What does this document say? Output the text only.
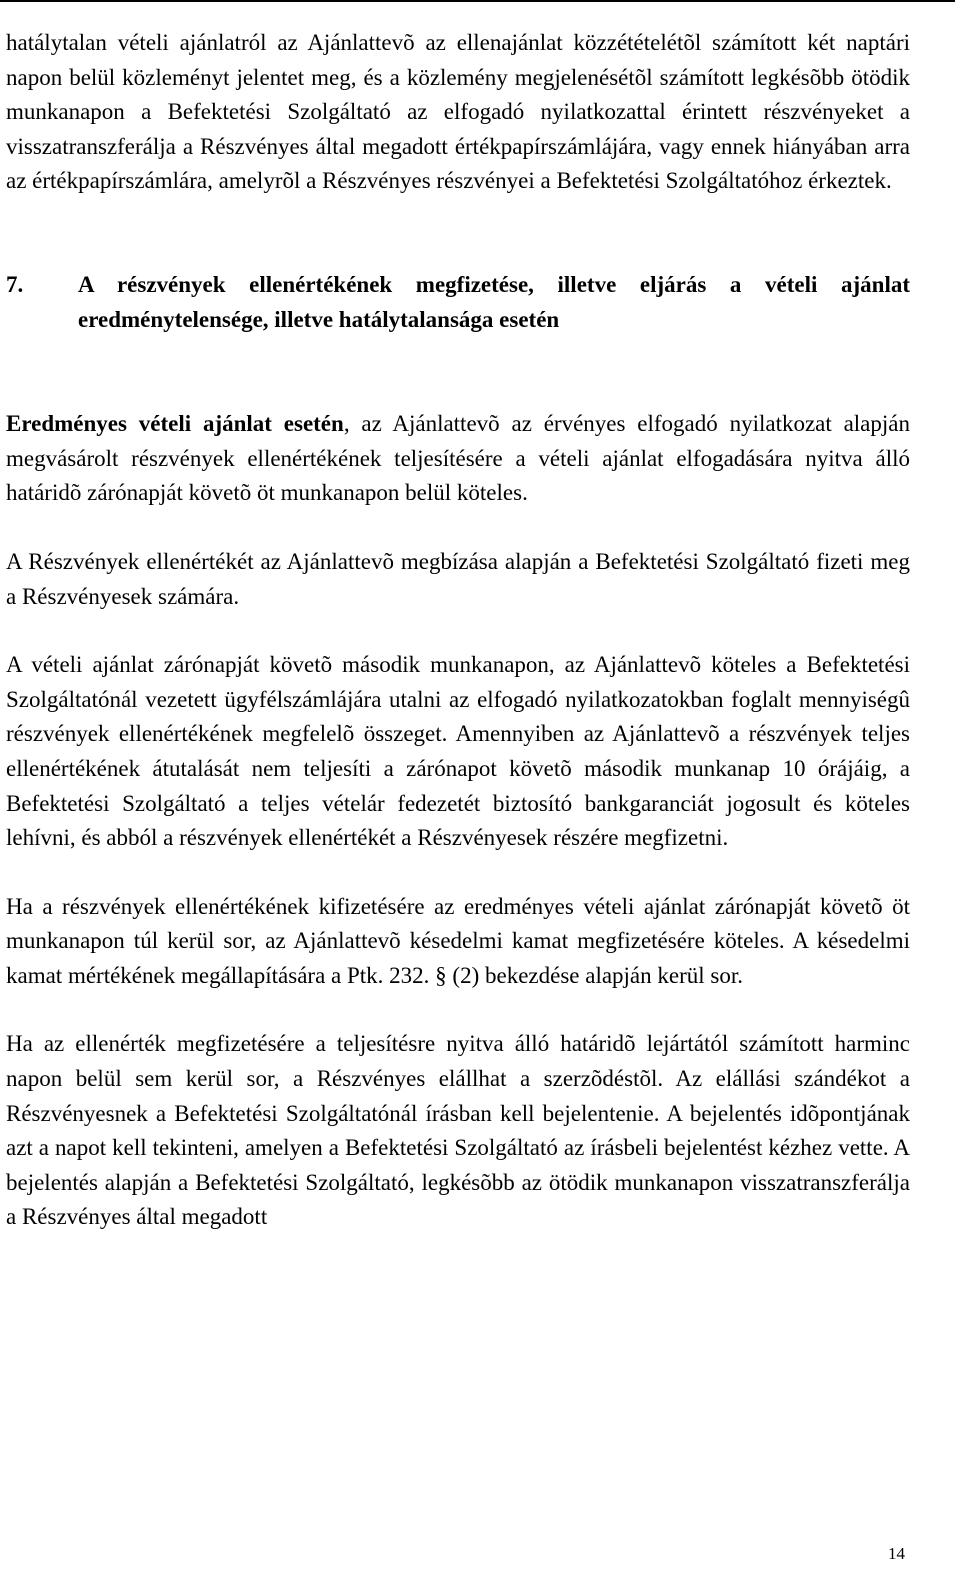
hatálytalan vételi ajánlatról az Ajánlattevõ az ellenajánlat közzétételétõl számított két naptári napon belül közleményt jelentet meg, és a közlemény megjelenésétõl számított legkésõbb ötödik munkanapon a Befektetési Szolgáltató az elfogadó nyilatkozattal érintett részvényeket a visszatranszferálja a Részvényes által megadott értékpapírszámlájára, vagy ennek hiányában arra az értékpapírszámlára, amelyrõl a Részvényes részvényei a Befektetési Szolgáltatóhoz érkeztek.

7.	A részvények ellenértékének megfizetése, illetve eljárás a vételi ajánlat eredménytelensége, illetve hatálytalansága esetén

Eredményes vételi ajánlat esetén, az Ajánlattevõ az érvényes elfogadó nyilatkozat alapján megvásárolt részvények ellenértékének teljesítésére a vételi ajánlat elfogadására nyitva álló határidõ zárónapját követõ öt munkanapon belül köteles.

A Részvények ellenértékét az Ajánlattevõ megbízása alapján a Befektetési Szolgáltató fizeti meg a Részvényesek számára.

A vételi ajánlat zárónapját követõ második munkanapon, az Ajánlattevõ köteles a Befektetési Szolgáltatónál vezetett ügyfélszámlájára utalni az elfogadó nyilatkozatokban foglalt mennyiségû részvények ellenértékének megfelelõ összeget. Amennyiben az Ajánlattevõ a részvények teljes ellenértékének átutalását nem teljesíti a zárónapot követõ második munkanap 10 órájáig, a Befektetési Szolgáltató a teljes vételár fedezetét biztosító bankgaranciát jogosult és köteles lehívni, és abból a részvények ellenértékét a Részvényesek részére megfizetni.

Ha a részvények ellenértékének kifizetésére az eredményes vételi ajánlat zárónapját követõ öt munkanapon túl kerül sor, az Ajánlattevõ késedelmi kamat megfizetésére köteles. A késedelmi kamat mértékének megállapítására a Ptk. 232. § (2) bekezdése alapján kerül sor.

Ha az ellenérték megfizetésére a teljesítésre nyitva álló határidõ lejártától számított harminc napon belül sem kerül sor, a Részvényes elállhat a szerzõdéstõl. Az elállási szándékot a Részvényesnek a Befektetési Szolgáltatónál írásban kell bejelentenie. A bejelentés idõpontjának azt a napot kell tekinteni, amelyen a Befektetési Szolgáltató az írásbeli bejelentést kézhez vette. A bejelentés alapján a Befektetési Szolgáltató, legkésõbb az ötödik munkanapon visszatranszferálja a Részvényes által megadott

14
